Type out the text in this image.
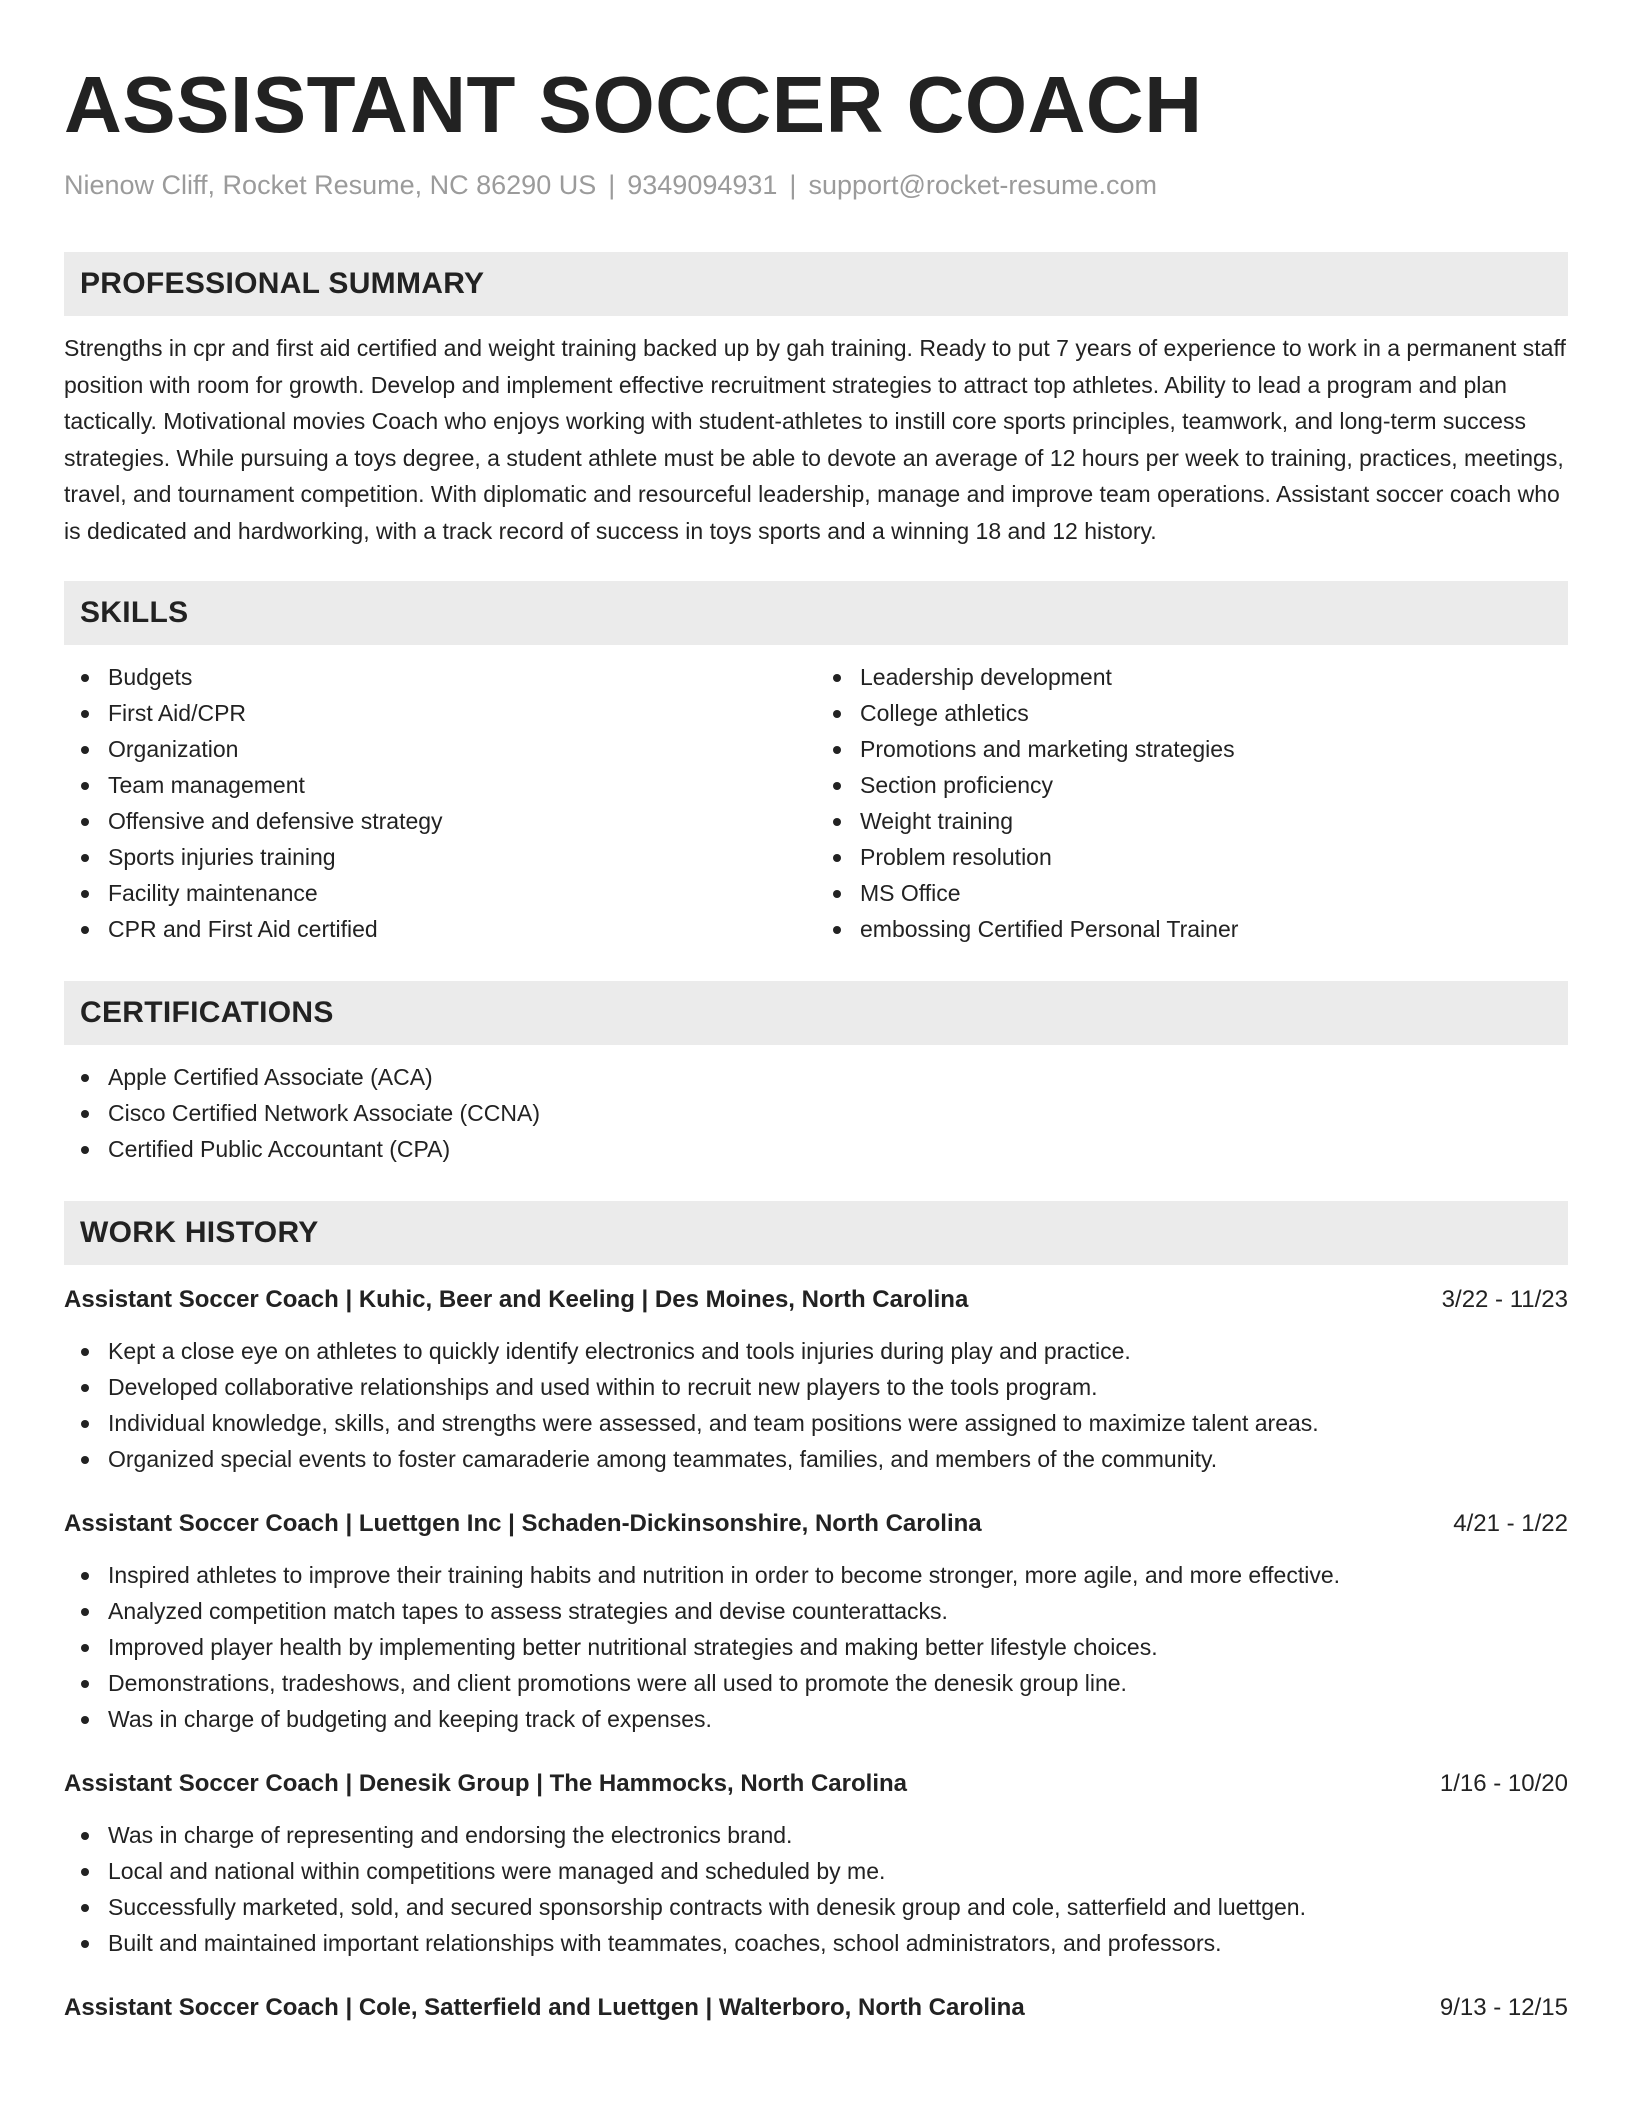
ASSISTANT SOCCER COACH
Nienow Cliff, Rocket Resume, NC 86290 US | 9349094931 | support@rocket-resume.com
PROFESSIONAL SUMMARY

Strengths in cpr and first aid certified and weight training backed up by gah training. Ready to put 7 years of experience to work in a permanent staff position with room for growth. Develop and implement effective recruitment strategies to attract top athletes. Ability to lead a program and plan tactically. Motivational movies Coach who enjoys working with student-athletes to instill core sports principles, teamwork, and long-term success strategies. While pursuing a toys degree, a student athlete must be able to devote an average of 12 hours per week to training, practices, meetings, travel, and tournament competition. With diplomatic and resourceful leadership, manage and improve team operations. Assistant soccer coach who is dedicated and hardworking, with a track record of success in toys sports and a winning 18 and 12 history.

SKILLS
Budgets
First Aid/CPR
Organization
Team management
Offensive and defensive strategy
Sports injuries training
Facility maintenance
CPR and First Aid certified
Leadership development
College athletics
Promotions and marketing strategies
Section proficiency
Weight training
Problem resolution
MS Office
embossing Certified Personal Trainer
CERTIFICATIONS
Apple Certified Associate (ACA)
Cisco Certified Network Associate (CCNA)
Certified Public Accountant (CPA)
WORK HISTORY
Assistant Soccer Coach | Kuhic, Beer and Keeling | Des Moines, North Carolina	3/22 - 11/23
Kept a close eye on athletes to quickly identify electronics and tools injuries during play and practice.
Developed collaborative relationships and used within to recruit new players to the tools program.
Individual knowledge, skills, and strengths were assessed, and team positions were assigned to maximize talent areas.
Organized special events to foster camaraderie among teammates, families, and members of the community.
Assistant Soccer Coach | Luettgen Inc | Schaden-Dickinsonshire, North Carolina	4/21 - 1/22
Inspired athletes to improve their training habits and nutrition in order to become stronger, more agile, and more effective.
Analyzed competition match tapes to assess strategies and devise counterattacks.
Improved player health by implementing better nutritional strategies and making better lifestyle choices.
Demonstrations, tradeshows, and client promotions were all used to promote the denesik group line.
Was in charge of budgeting and keeping track of expenses.
Assistant Soccer Coach | Denesik Group | The Hammocks, North Carolina	1/16 - 10/20
Was in charge of representing and endorsing the electronics brand.
Local and national within competitions were managed and scheduled by me.
Successfully marketed, sold, and secured sponsorship contracts with denesik group and cole, satterfield and luettgen.
Built and maintained important relationships with teammates, coaches, school administrators, and professors.
Assistant Soccer Coach | Cole, Satterfield and Luettgen | Walterboro, North Carolina	9/13 - 12/15
